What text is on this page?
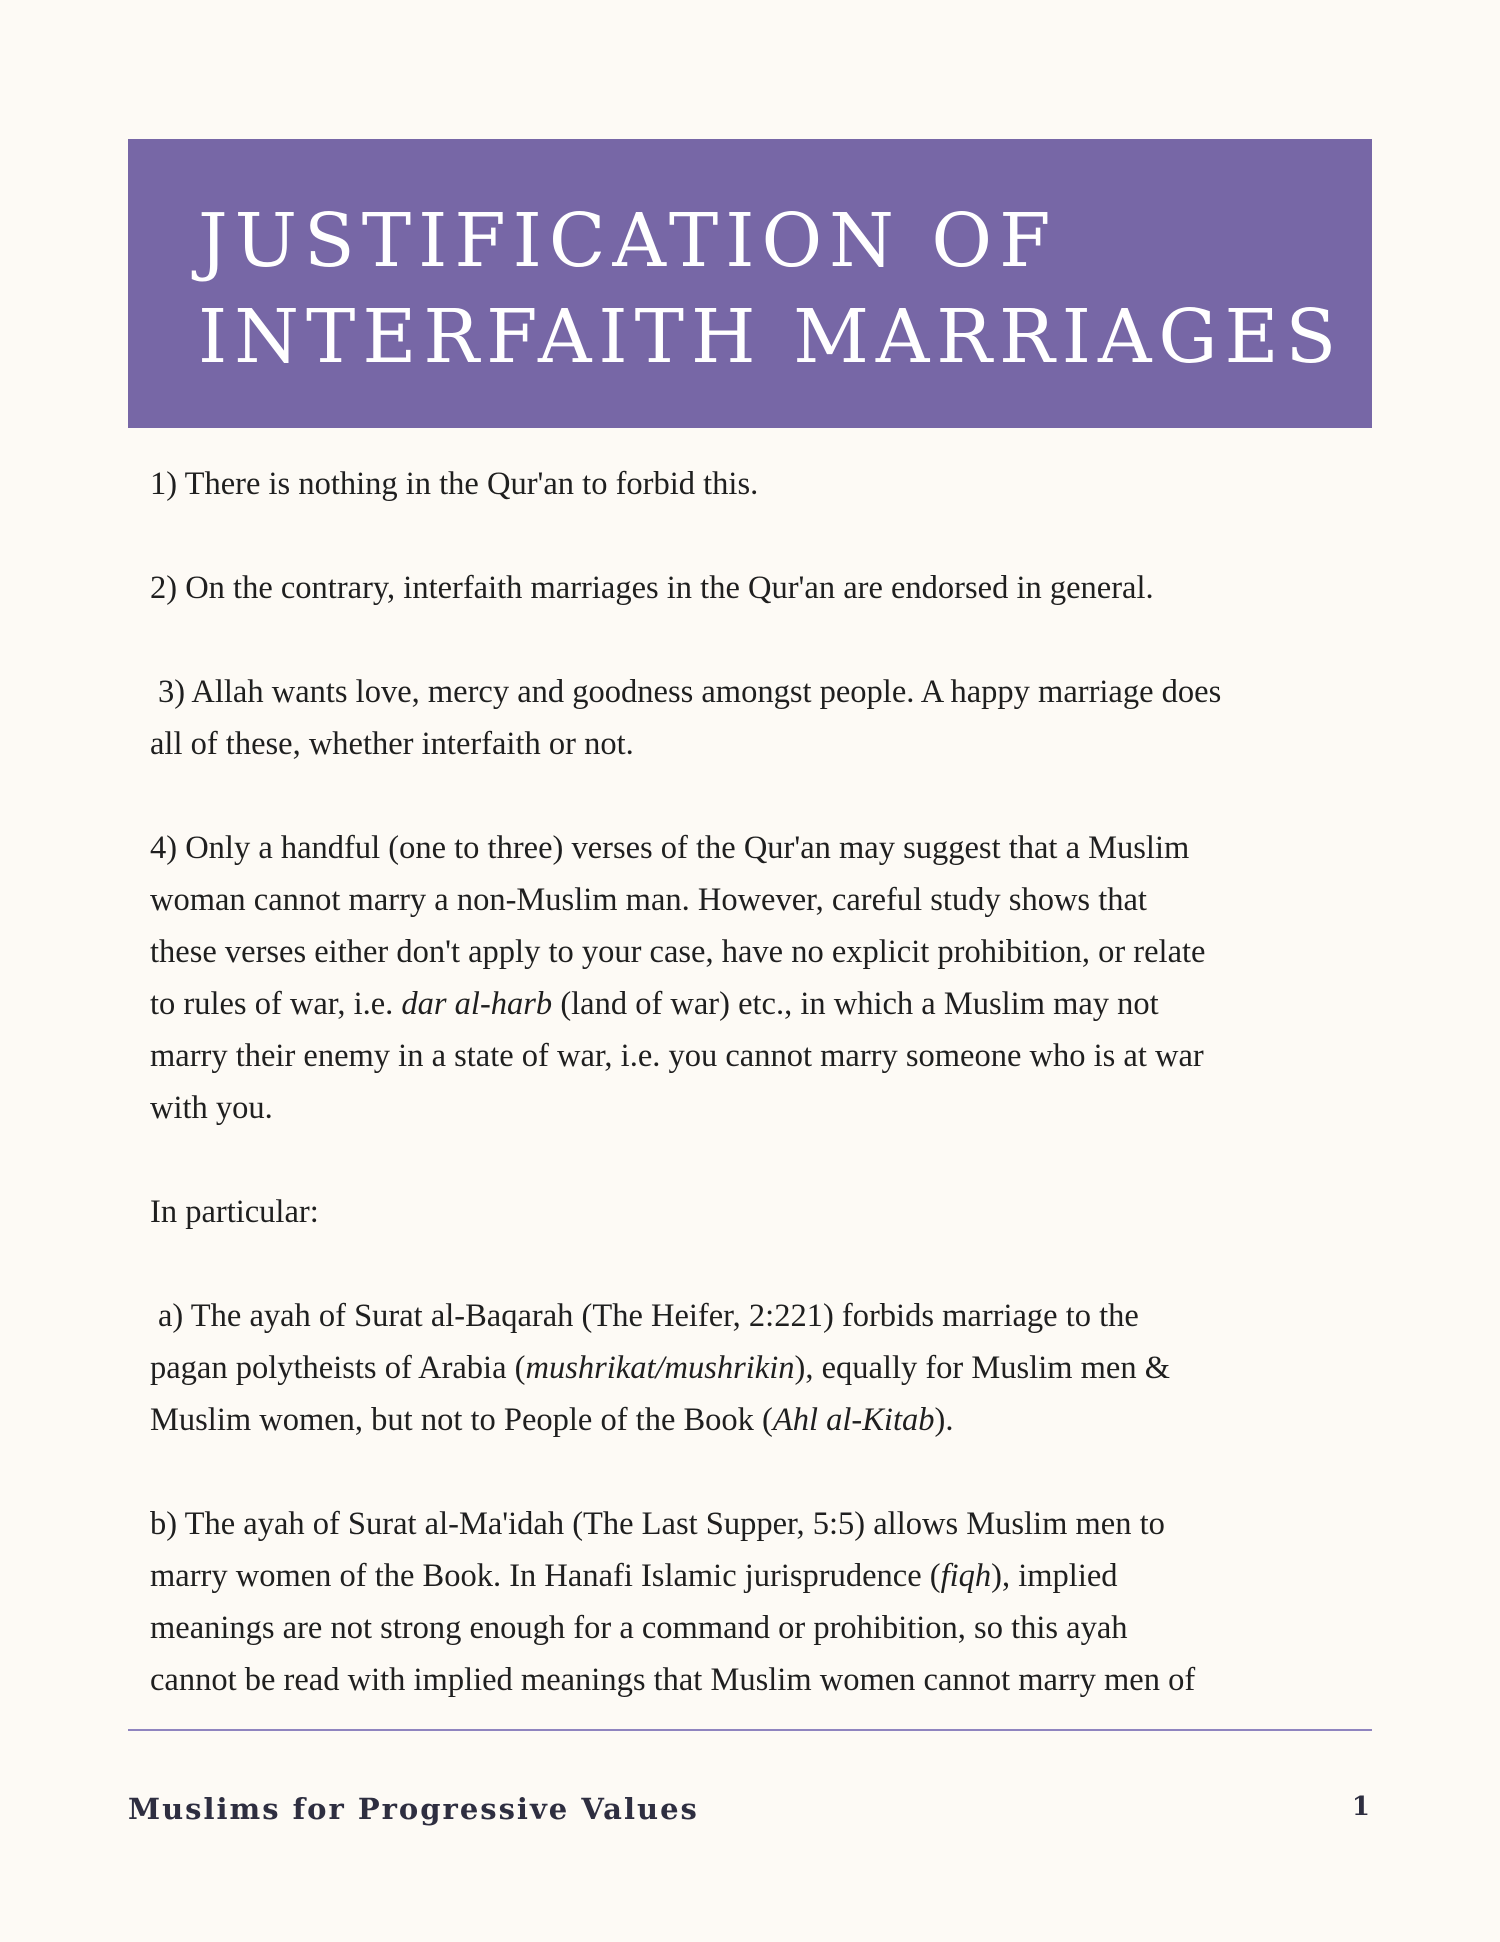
JUSTIFICATION OF
INTERFAITH MARRIAGES

1) There is nothing in the Qur'an to forbid this.

2) On the contrary, interfaith marriages in the Qur'an are endorsed in general.

3) Allah wants love, mercy and goodness amongst people. A happy marriage does
all of these, whether interfaith or not.

4) Only a handful (one to three) verses of the Qur'an may suggest that a Muslim
woman cannot marry a non-Muslim man. However, careful study shows that
these verses either don't apply to your case, have no explicit prohibition, or relate
to rules of war, i.e. dar al-harb (land of war) etc., in which a Muslim may not
marry their enemy in a state of war, i.e. you cannot marry someone who is at war
with you.

In particular:

a) The ayah of Surat al-Baqarah (The Heifer, 2:221) forbids marriage to the
pagan polytheists of Arabia (mushrikat/mushrikin), equally for Muslim men &
Muslim women, but not to People of the Book (Ahl al-Kitab).

b) The ayah of Surat al-Ma'idah (The Last Supper, 5:5) allows Muslim men to
marry women of the Book. In Hanafi Islamic jurisprudence (fiqh), implied
meanings are not strong enough for a command or prohibition, so this ayah
cannot be read with implied meanings that Muslim women cannot marry men of

Muslims for Progressive Values	1
